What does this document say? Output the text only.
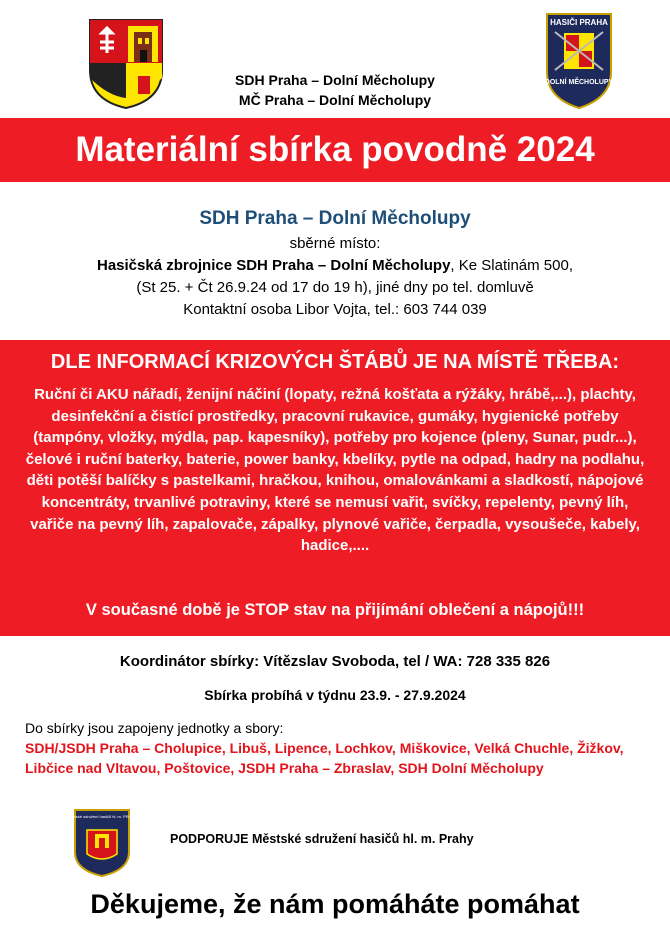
HASIČI PRAHA
DOLNÍ MĚCHOLUPY
SDH Praha – Dolní Měcholupy
MČ Praha – Dolní Měcholupy
Materiální sbírka povodně 2024
SDH Praha – Dolní Měcholupy
sběrné místo:
Hasičská zbrojnice SDH Praha – Dolní Měcholupy, Ke Slatinám 500,
(St 25. + Čt 26.9.24 od 17 do 19 h), jiné dny po tel. domluvě
Kontaktní osoba Libor Vojta, tel.: 603 744 039
DLE INFORMACÍ KRIZOVÝCH ŠTÁBŮ JE NA MÍSTĚ TŘEBA:
Ruční či AKU nářadí, ženijní náčiní (lopaty, režná košťata a rýžáky, hrábě,...), plachty, desinfekční a čistící prostředky, pracovní rukavice, gumáky, hygienické potřeby (tampóny, vložky, mýdla, pap. kapesníky), potřeby pro kojence (pleny, Sunar, pudr...), čelové i ruční baterky, baterie, power banky, kbelíky, pytle na odpad, hadry na podlahu, děti potěší balíčky s pastelkami, hračkou, knihou, omalovánkami a sladkostí, nápojové koncentráty, trvanlivé potraviny, které se nemusí vařit, svíčky, repelenty, pevný líh, vařiče na pevný líh, zapalovače, zápalky, plynové vařiče, čerpadla, vysoušeče, kabely, hadice,....
V současné době je STOP stav na přijímání oblečení a nápojů!!!
Koordinátor sbírky: Vítězslav Svoboda, tel / WA: 728 335 826
Sbírka probíhá v týdnu 23.9. - 27.9.2024
Do sbírky jsou zapojeny jednotky a sbory:
SDH/JSDH Praha – Cholupice, Libuš, Lipence, Lochkov, Miškovice, Velká Chuchle, Žižkov, Libčice nad Vltavou, Poštovice, JSDH Praha – Zbraslav, SDH Dolní Měcholupy
Městské sdružení hasičů hl. m. PRAHY
PODPORUJE Městské sdružení hasičů hl. m. Prahy
Děkujeme, že nám pomáháte pomáhat
